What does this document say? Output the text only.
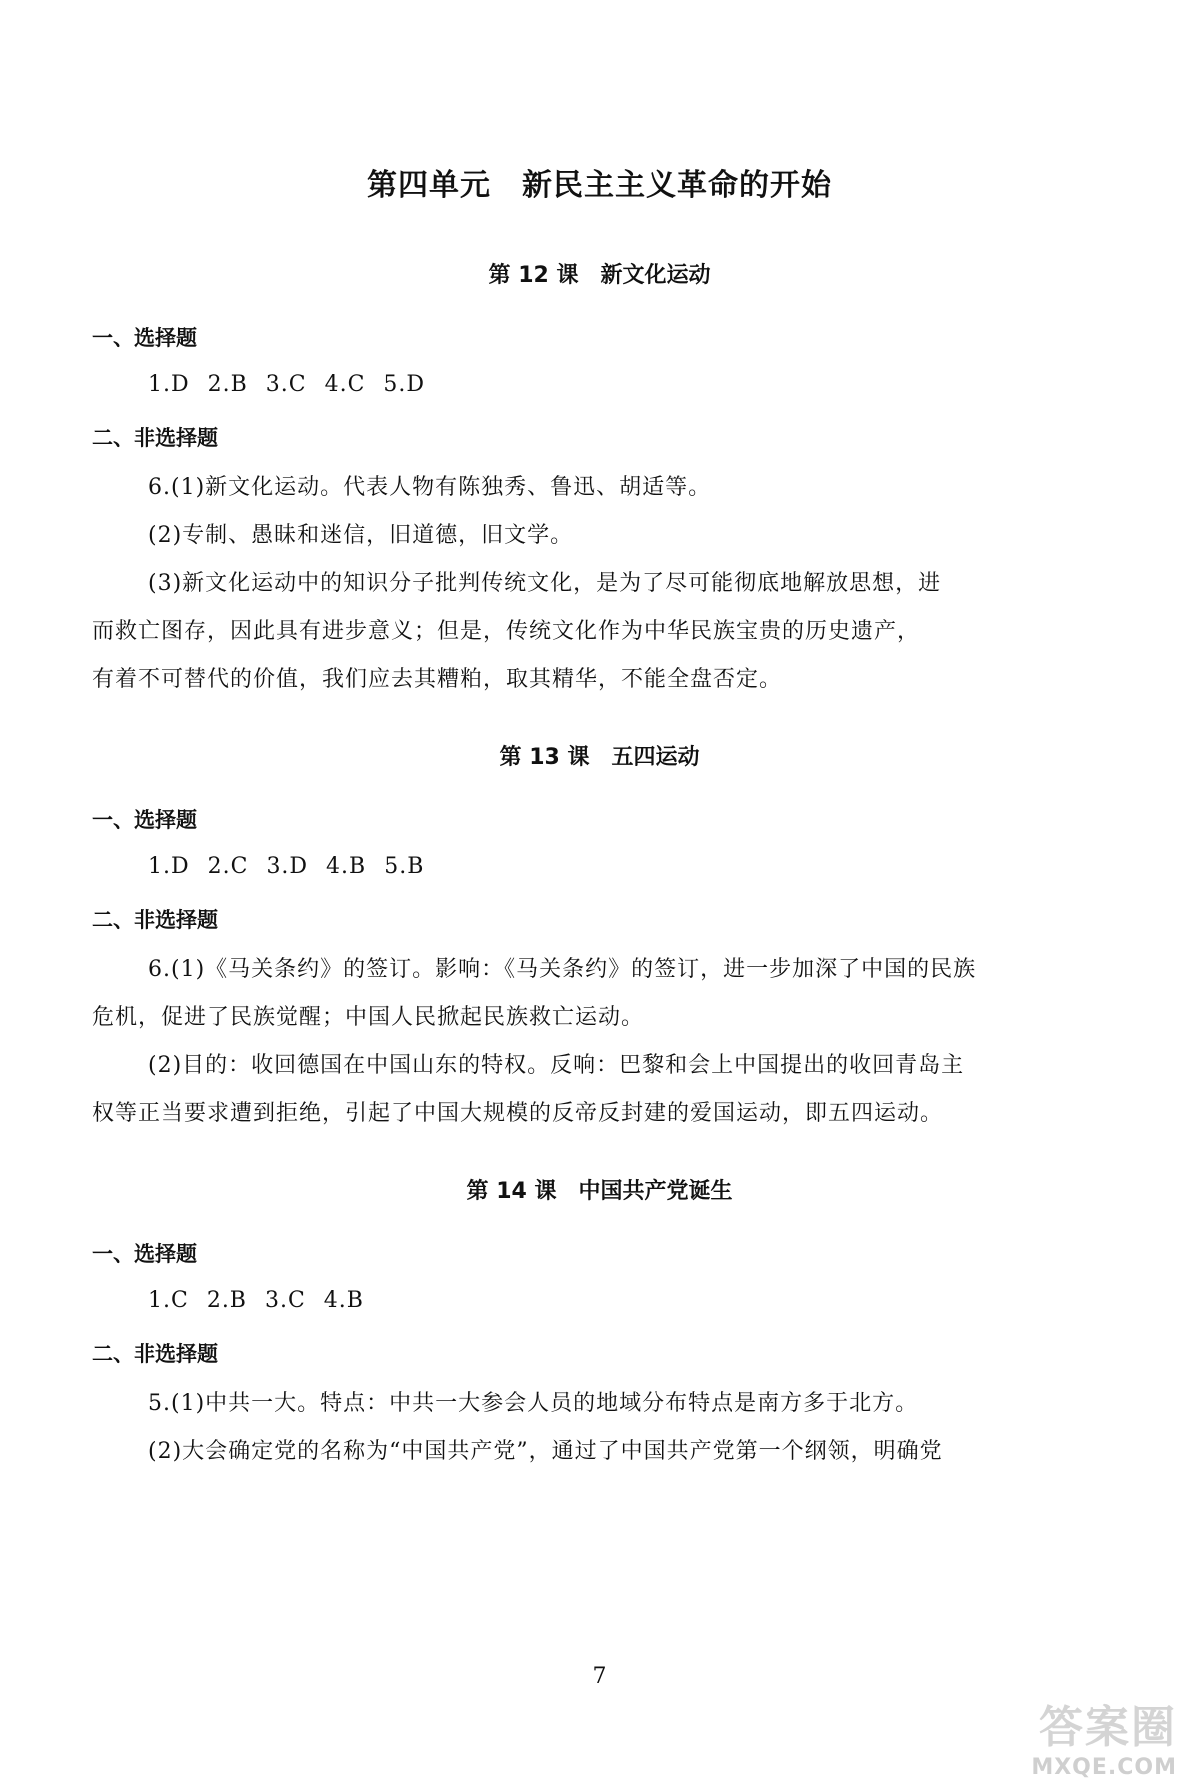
第四单元　新民主主义革命的开始
第 12 课　新文化运动
一、选择题
1.D 2.B 3.C 4.C 5.D
二、非选择题
6.(1)新文化运动。代表人物有陈独秀、鲁迅、胡适等。
(2)专制、愚昧和迷信，旧道德，旧文学。
(3)新文化运动中的知识分子批判传统文化，是为了尽可能彻底地解放思想，进
而救亡图存，因此具有进步意义；但是，传统文化作为中华民族宝贵的历史遗产，
有着不可替代的价值，我们应去其糟粕，取其精华，不能全盘否定。
第 13 课　五四运动
一、选择题
1.D 2.C 3.D 4.B 5.B
二、非选择题
6.(1)《马关条约》的签订。影响：《马关条约》的签订，进一步加深了中国的民族
危机，促进了民族觉醒；中国人民掀起民族救亡运动。
(2)目的：收回德国在中国山东的特权。反响：巴黎和会上中国提出的收回青岛主
权等正当要求遭到拒绝，引起了中国大规模的反帝反封建的爱国运动，即五四运动。
第 14 课　中国共产党诞生
一、选择题
1.C 2.B 3.C 4.B
二、非选择题
5.(1)中共一大。特点：中共一大参会人员的地域分布特点是南方多于北方。
(2)大会确定党的名称为“中国共产党”，通过了中国共产党第一个纲领，明确党
7
答案圈
MXQE.COM
